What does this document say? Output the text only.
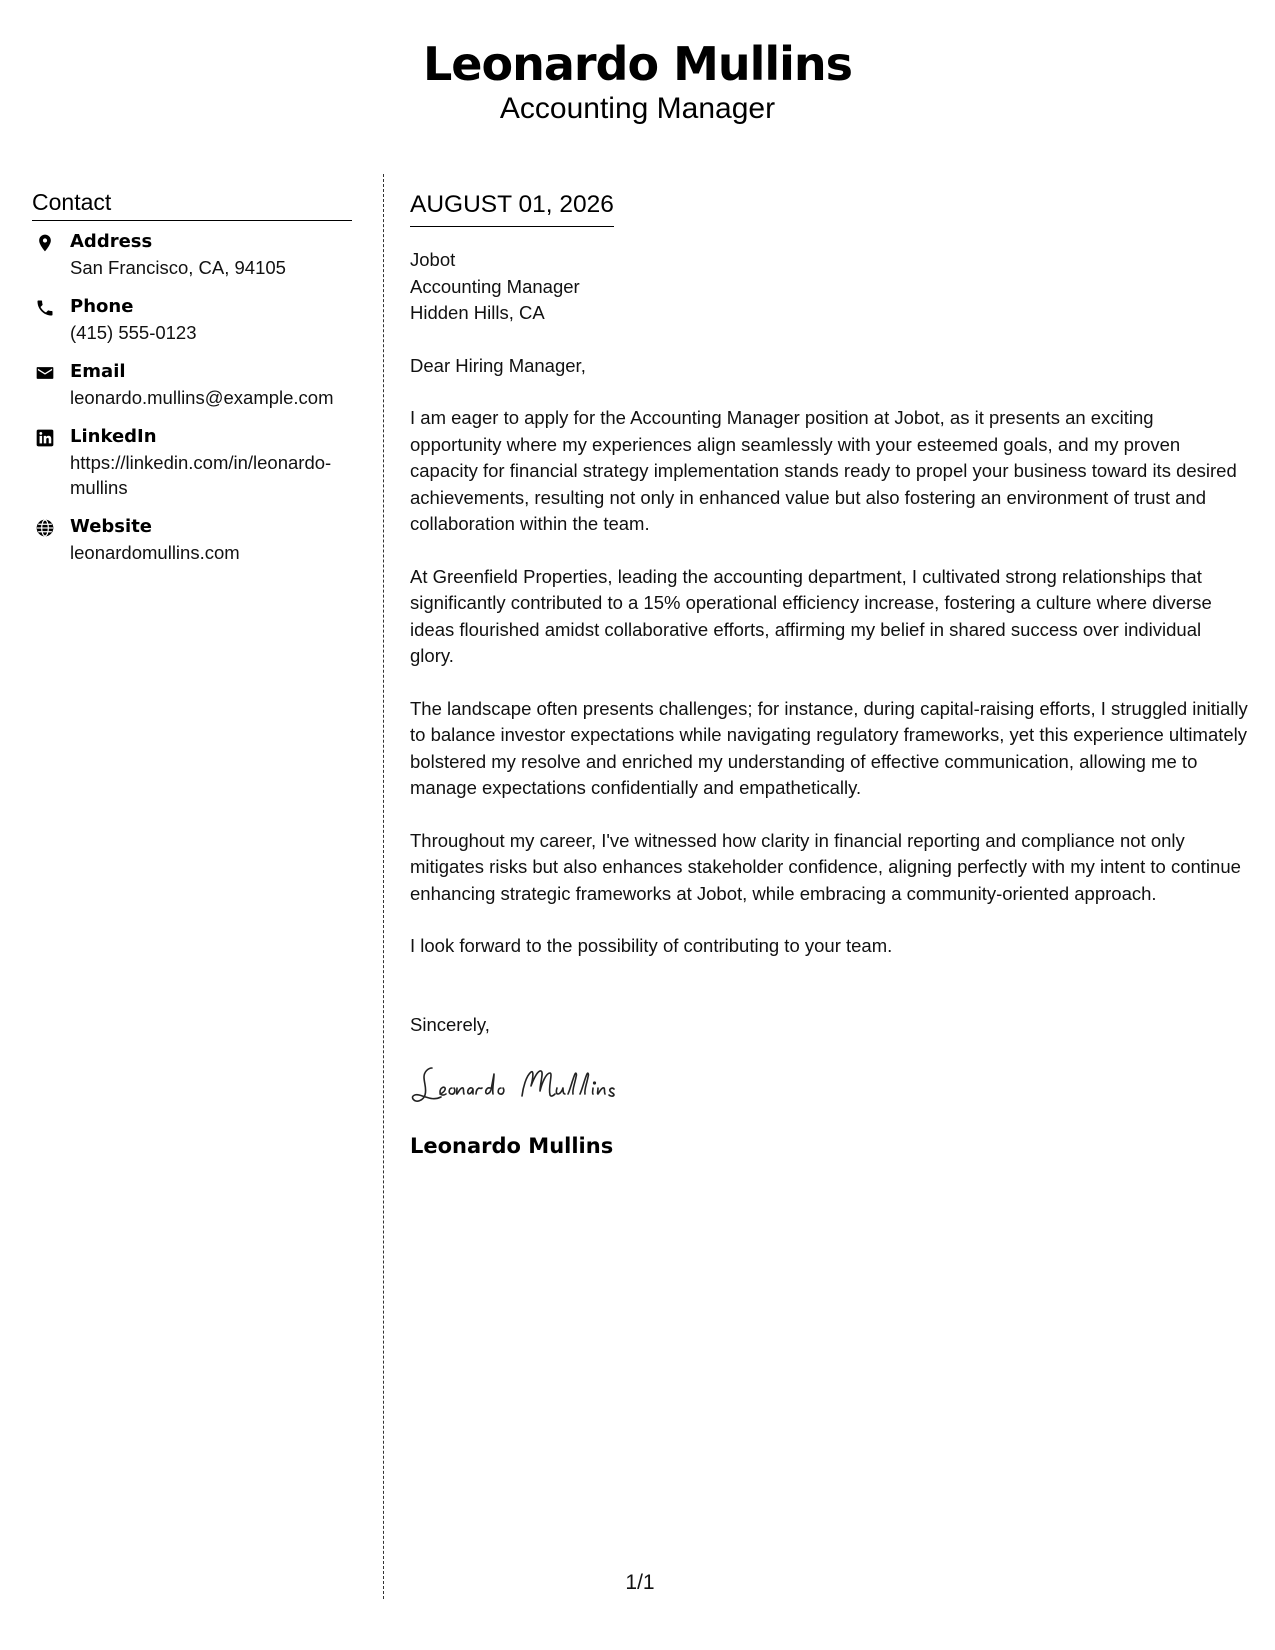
Leonardo Mullins
Accounting Manager
Contact
Address
San Francisco, CA, 94105
Phone
(415) 555-0123
Email
leonardo.mullins@example.com
LinkedIn
https://linkedin.com/in/leonardo-mullins
Website
leonardomullins.com
AUGUST 01, 2026
Jobot
Accounting Manager
Hidden Hills, CA
Dear Hiring Manager,
I am eager to apply for the Accounting Manager position at Jobot, as it presents an exciting opportunity where my experiences align seamlessly with your esteemed goals, and my proven capacity for financial strategy implementation stands ready to propel your business toward its desired achievements, resulting not only in enhanced value but also fostering an environment of trust and collaboration within the team.
At Greenfield Properties, leading the accounting department, I cultivated strong relationships that significantly contributed to a 15% operational efficiency increase, fostering a culture where diverse ideas flourished amidst collaborative efforts, affirming my belief in shared success over individual glory.
The landscape often presents challenges; for instance, during capital-raising efforts, I struggled initially to balance investor expectations while navigating regulatory frameworks, yet this experience ultimately bolstered my resolve and enriched my understanding of effective communication, allowing me to manage expectations confidentially and empathetically.
Throughout my career, I've witnessed how clarity in financial reporting and compliance not only mitigates risks but also enhances stakeholder confidence, aligning perfectly with my intent to continue enhancing strategic frameworks at Jobot, while embracing a community-oriented approach.
I look forward to the possibility of contributing to your team.
Sincerely,
Leonardo Mullins
1/1
